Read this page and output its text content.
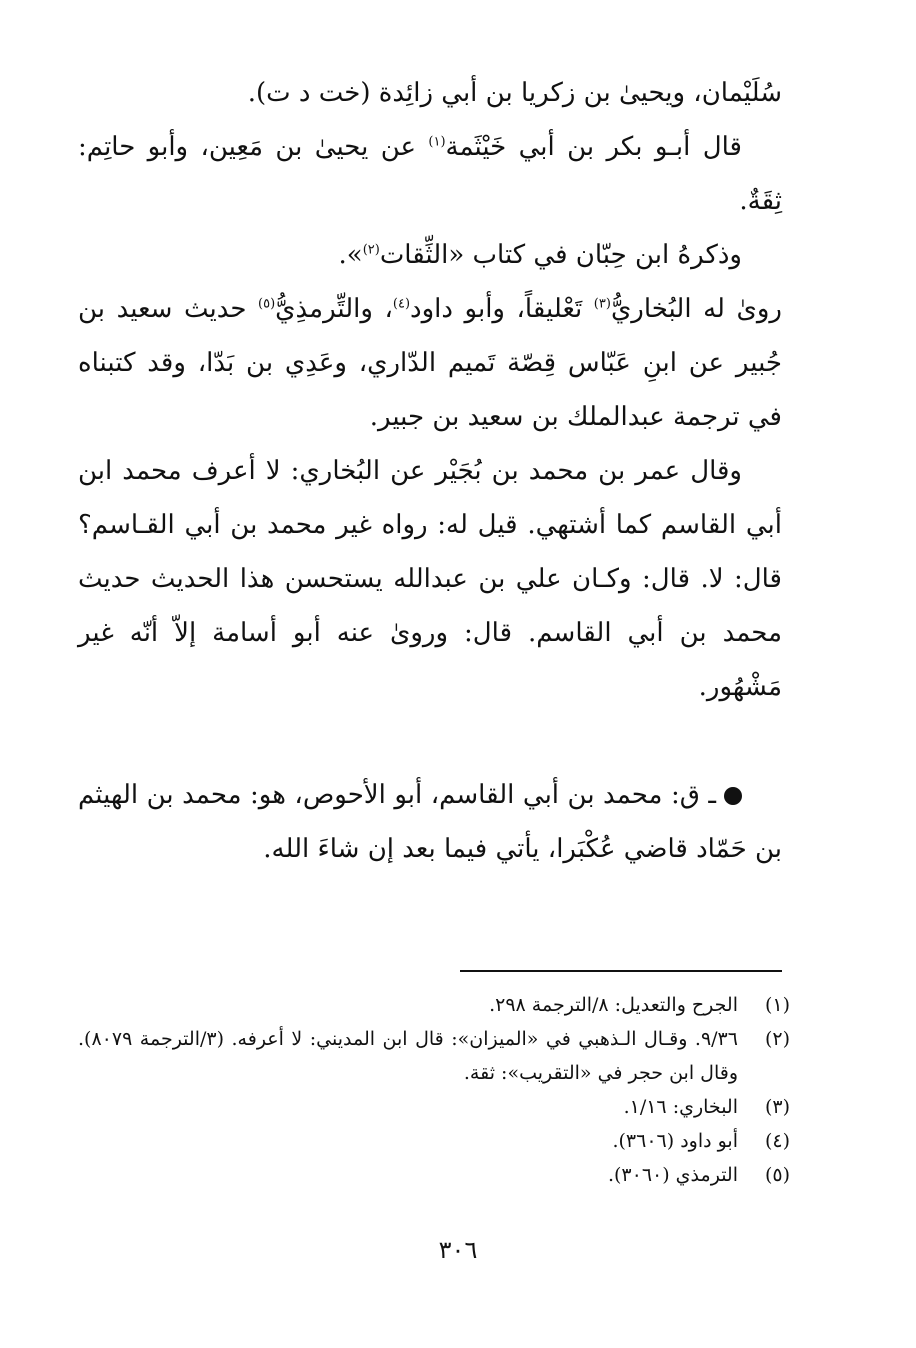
سُلَيْمان، ويحيىٰ بن زكريا بن أبي زائِدة (خت د ت).

قال أبـو بكر بن أبي خَيْثَمة$^{(١)}$ عن يحيىٰ بن مَعِين، وأبو حاتِم: ثِقَةٌ.

وذكرهُ ابن حِبّان في كتاب «الثِّقات$^{(٢)}$».

روىٰ له البُخاريُّ$^{(٣)}$ تَعْليقاً، وأبو داود$^{(٤)}$، والتِّرمذِيُّ$^{(٥)}$ حديث سعيد بن جُبير عن ابنِ عَبّاس قِصّة تَميم الدّاري، وعَدِي بن بَدّا، وقد كتبناه في ترجمة عبدالملك بن سعيد بن جبير.

وقال عمر بن محمد بن بُجَيْر عن البُخاري: لا أعرف محمد ابن أبي القاسم كما أشتهي. قيل له: رواه غير محمد بن أبي القـاسم؟ قال: لا. قال: وكـان علي بن عبدالله يستحسن هذا الحديث حديث محمد بن أبي القاسم. قال: وروىٰ عنه أبو أسامة إلاّ أنّه غير مَشْهُور.

ـ ق: محمد بن أبي القاسم، أبو الأحوص، هو: محمد بن الهيثم بن حَمّاد قاضي عُكْبَرا، يأتي فيما بعد إن شاءَ الله.

(١)
الجرح والتعديل: ٨/الترجمة ٢٩٨.
(٢)
٩/٣٦. وقـال الـذهبي في «الميزان»: قال ابن المديني: لا أعرفه. (٣/الترجمة ٨٠٧٩). وقال ابن حجر في «التقريب»: ثقة.
(٣)
البخاري: ١/١٦.
(٤)
أبو داود (٣٦٠٦).
(٥)
الترمذي (٣٠٦٠).
٣٠٦
